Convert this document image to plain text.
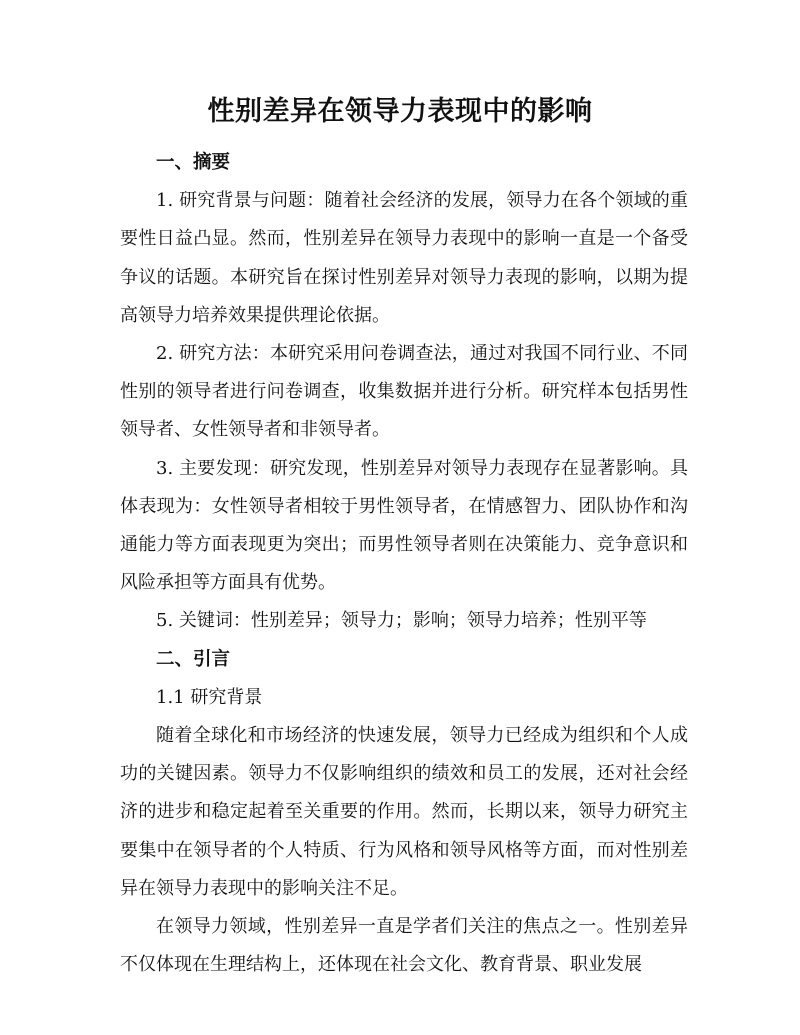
性别差异在领导力表现中的影响

一、摘要

1. 研究背景与问题：随着社会经济的发展，领导力在各个领域的重要性日益凸显。然而，性别差异在领导力表现中的影响一直是一个备受争议的话题。本研究旨在探讨性别差异对领导力表现的影响，以期为提高领导力培养效果提供理论依据。

2. 研究方法：本研究采用问卷调查法，通过对我国不同行业、不同性别的领导者进行问卷调查，收集数据并进行分析。研究样本包括男性领导者、女性领导者和非领导者。

3. 主要发现：研究发现，性别差异对领导力表现存在显著影响。具体表现为：女性领导者相较于男性领导者，在情感智力、团队协作和沟通能力等方面表现更为突出；而男性领导者则在决策能力、竞争意识和风险承担等方面具有优势。

5. 关键词：性别差异；领导力；影响；领导力培养；性别平等

二、引言

1.1 研究背景

随着全球化和市场经济的快速发展，领导力已经成为组织和个人成功的关键因素。领导力不仅影响组织的绩效和员工的发展，还对社会经济的进步和稳定起着至关重要的作用。然而，长期以来，领导力研究主要集中在领导者的个人特质、行为风格和领导风格等方面，而对性别差异在领导力表现中的影响关注不足。

在领导力领域，性别差异一直是学者们关注的焦点之一。性别差异不仅体现在生理结构上，还体现在社会文化、教育背景、职业发展
